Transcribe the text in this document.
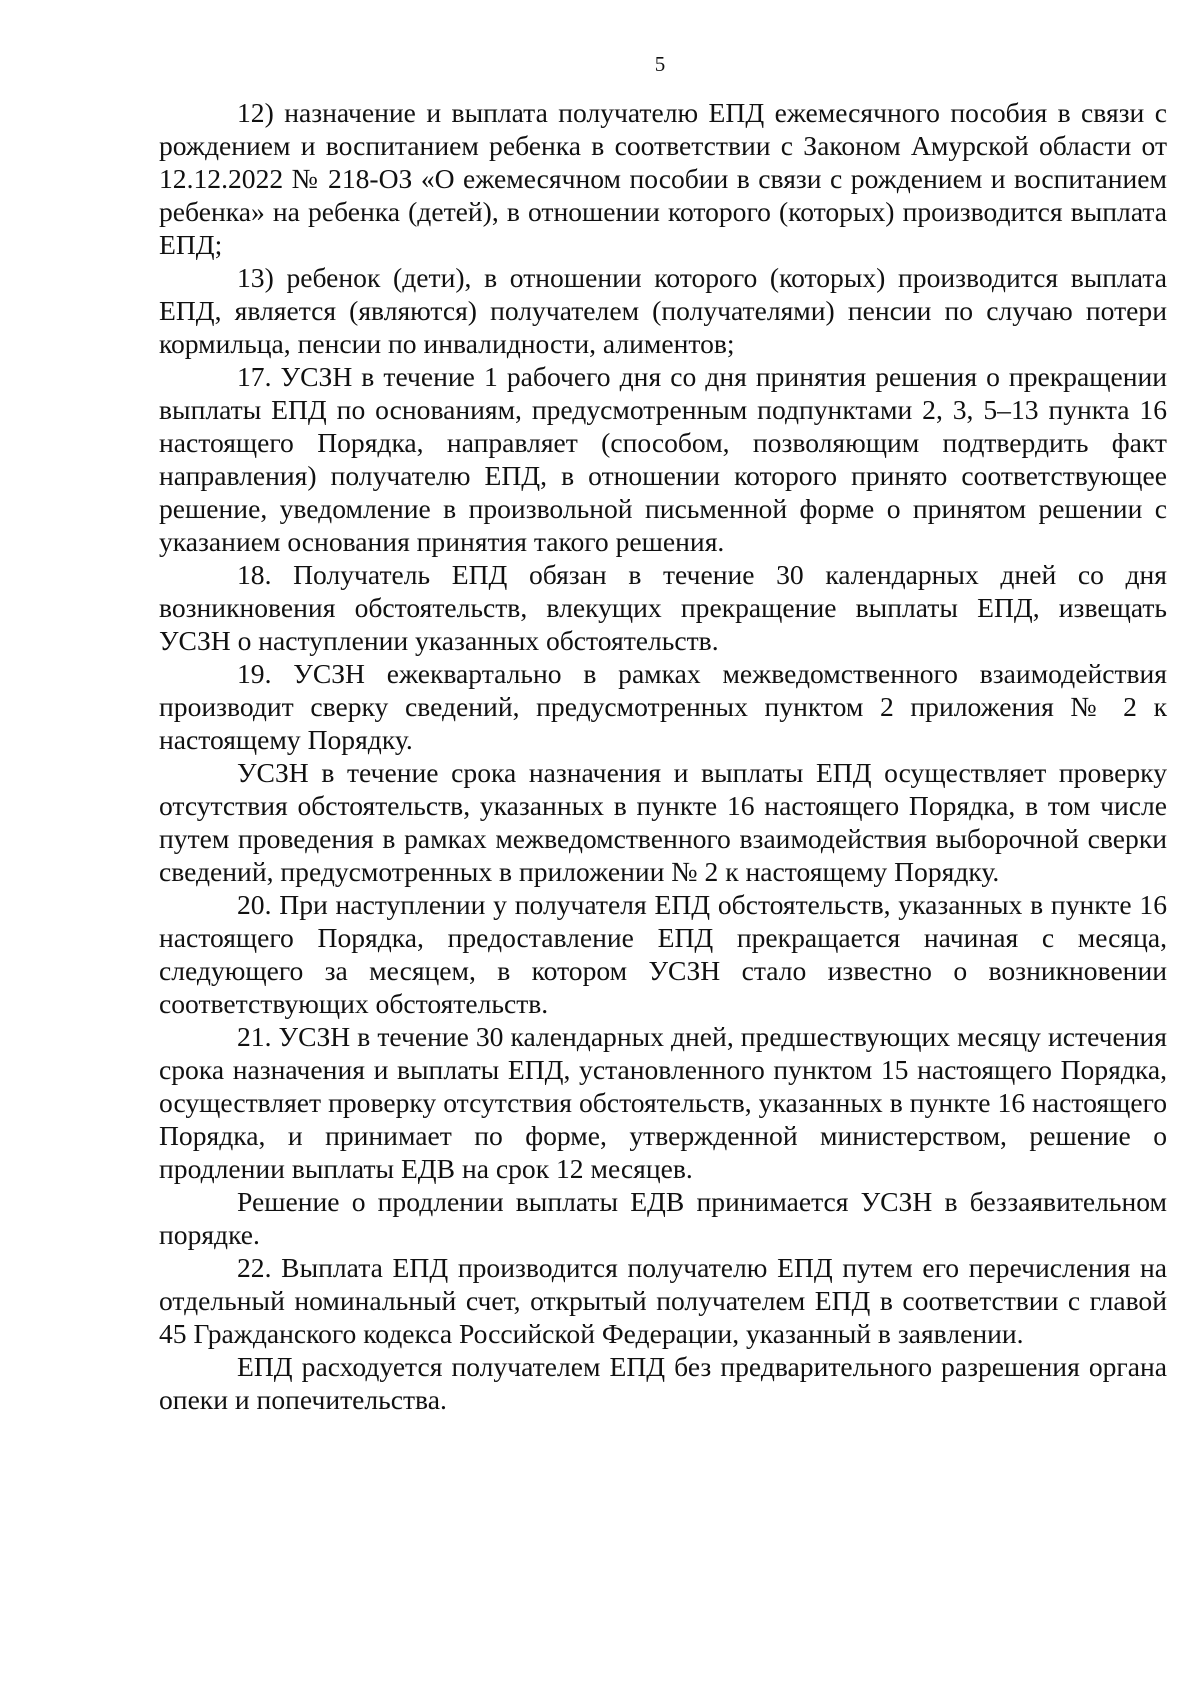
5

12) назначение и выплата получателю ЕПД ежемесячного пособия в связи с рождением и воспитанием ребенка в соответствии с Законом Амурской области от 12.12.2022 № 218-ОЗ «О ежемесячном пособии в связи с рождением и воспитанием ребенка» на ребенка (детей), в отношении которого (которых) производится выплата ЕПД;

13) ребенок (дети), в отношении которого (которых) производится выплата ЕПД, является (являются) получателем (получателями) пенсии по случаю потери кормильца, пенсии по инвалидности, алиментов;

17. УСЗН в течение 1 рабочего дня со дня принятия решения о прекращении выплаты ЕПД по основаниям, предусмотренным подпунктами 2, 3, 5–13 пункта 16 настоящего Порядка, направляет (способом, позволяющим подтвердить факт направления) получателю ЕПД, в отношении которого принято соответствующее решение, уведомление в произвольной письменной форме о принятом решении с указанием основания принятия такого решения.

18. Получатель ЕПД обязан в течение 30 календарных дней со дня возникновения обстоятельств, влекущих прекращение выплаты ЕПД, извещать УСЗН о наступлении указанных обстоятельств.

19. УСЗН ежеквартально в рамках межведомственного взаимодействия производит сверку сведений, предусмотренных пунктом 2 приложения № 2 к настоящему Порядку.

УСЗН в течение срока назначения и выплаты ЕПД осуществляет проверку отсутствия обстоятельств, указанных в пункте 16 настоящего Порядка, в том числе путем проведения в рамках межведомственного взаимодействия выборочной сверки сведений, предусмотренных в приложении № 2 к настоящему Порядку.

20. При наступлении у получателя ЕПД обстоятельств, указанных в пункте 16 настоящего Порядка, предоставление ЕПД прекращается начиная с месяца, следующего за месяцем, в котором УСЗН стало известно о возникновении соответствующих обстоятельств.

21. УСЗН в течение 30 календарных дней, предшествующих месяцу истечения срока назначения и выплаты ЕПД, установленного пунктом 15 настоящего Порядка, осуществляет проверку отсутствия обстоятельств, указанных в пункте 16 настоящего Порядка, и принимает по форме, утвержденной министерством, решение о продлении выплаты ЕДВ на срок 12 месяцев.

Решение о продлении выплаты ЕДВ принимается УСЗН в беззаявительном порядке.

22. Выплата ЕПД производится получателю ЕПД путем его перечисления на отдельный номинальный счет, открытый получателем ЕПД в соответствии с главой 45 Гражданского кодекса Российской Федерации, указанный в заявлении.

ЕПД расходуется получателем ЕПД без предварительного разрешения органа опеки и попечительства.
